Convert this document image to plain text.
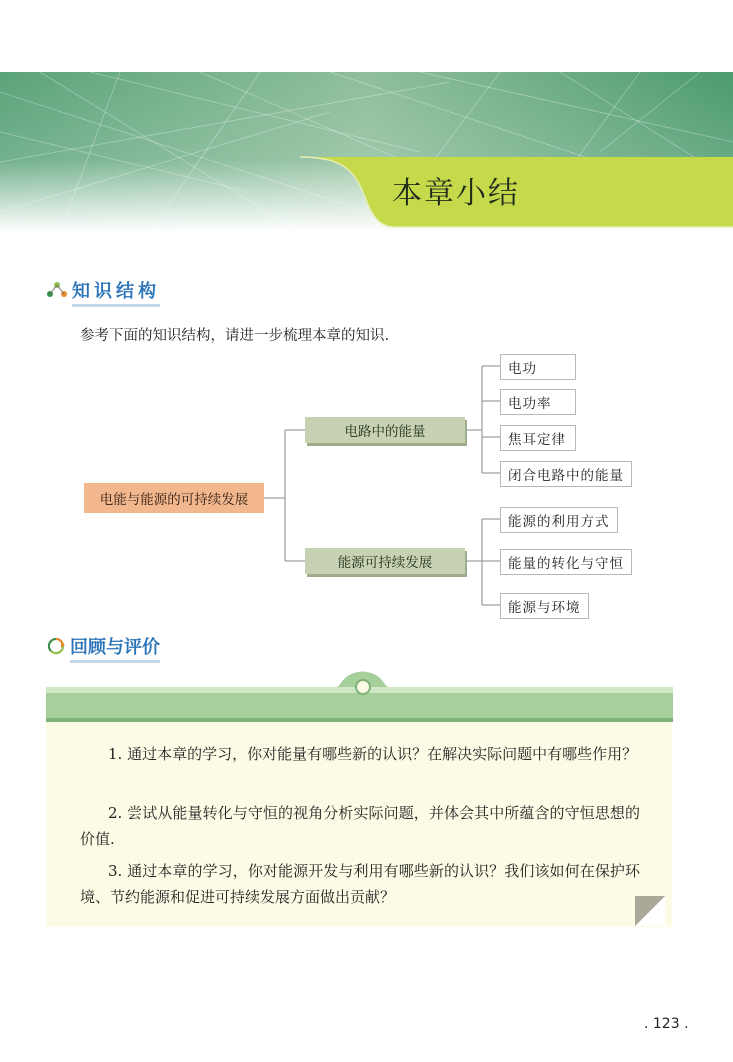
本章小结
知识结构
参考下面的知识结构，请进一步梳理本章的知识.
电能与能源的可持续发展
电路中的能量
能源可持续发展
电功
电功率
焦耳定律
闭合电路中的能量
能源的利用方式
能量的转化与守恒
能源与环境
回顾与评价
1. 通过本章的学习，你对能量有哪些新的认识？在解决实际问题中有哪些作用？
2. 尝试从能量转化与守恒的视角分析实际问题，并体会其中所蕴含的守恒思想的价值.
3. 通过本章的学习，你对能源开发与利用有哪些新的认识？我们该如何在保护环境、节约能源和促进可持续发展方面做出贡献？
. 123 .
